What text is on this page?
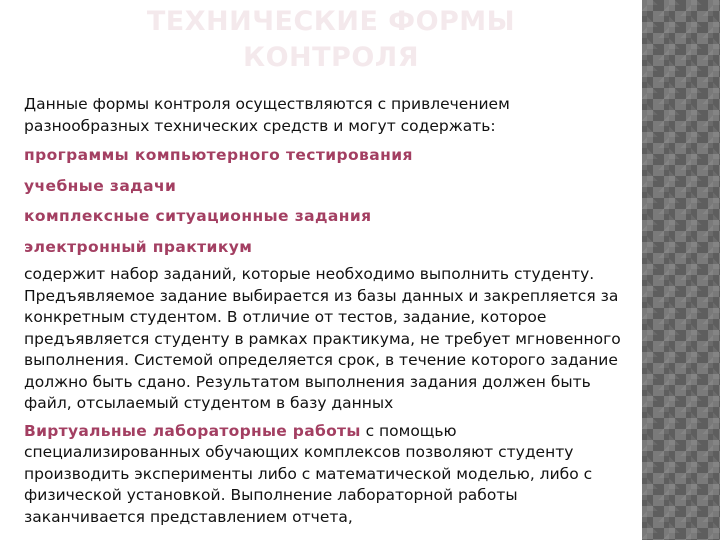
ТЕХНИЧЕСКИЕ ФОРМЫ
КОНТРОЛЯ

Данные формы контроля осуществляются с привлечением разнообразных технических средств и могут содержать:

программы компьютерного тестирования

учебные задачи

комплексные ситуационные задания

электронный практикум

содержит набор заданий, которые необходимо выполнить студенту. Предъявляемое задание выбирается из базы данных и закрепляется за конкретным студентом. В отличие от тестов, задание, которое предъявляется студенту в рамках практикума, не требует мгновенного выполнения. Системой определяется срок, в течение которого задание должно быть сдано. Результатом выполнения задания должен быть файл, отсылаемый студентом в базу данных

Виртуальные лабораторные работы с помощью специализированных обучающих комплексов позволяют студенту производить эксперименты либо с математической моделью, либо с физической установкой. Выполнение лабораторной работы заканчивается представлением отчета,
